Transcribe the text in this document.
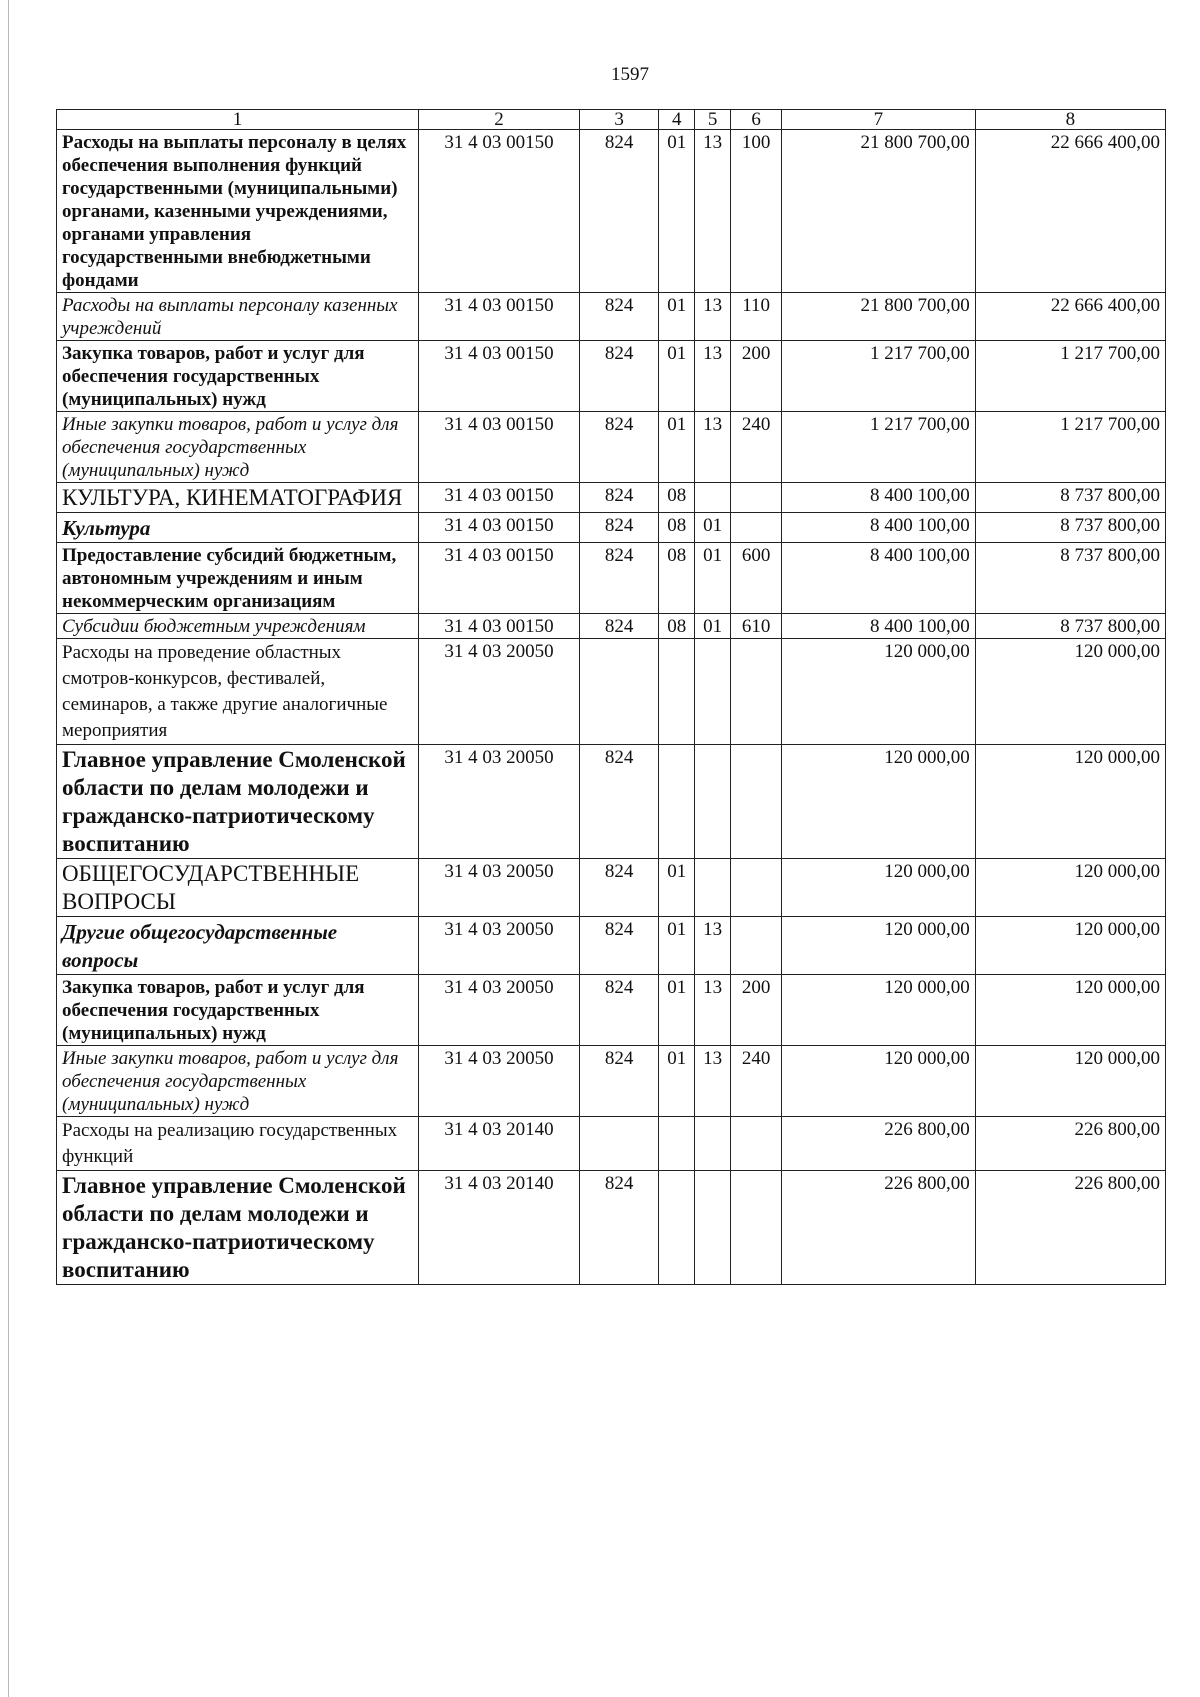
1597
1	2	3	4	5	6	7	8
Расходы на выплаты персоналу в целях обеспечения выполнения функций государственными (муниципальными) органами, казенными учреждениями, органами управления государственными внебюджетными фондами	31 4 03 00150	824	01	13	100	21 800 700,00	22 666 400,00
Расходы на выплаты персоналу казенных учреждений	31 4 03 00150	824	01	13	110	21 800 700,00	22 666 400,00
Закупка товаров, работ и услуг для обеспечения государственных (муниципальных) нужд	31 4 03 00150	824	01	13	200	1 217 700,00	1 217 700,00
Иные закупки товаров, работ и услуг для обеспечения государственных (муниципальных) нужд	31 4 03 00150	824	01	13	240	1 217 700,00	1 217 700,00
КУЛЬТУРА, КИНЕМАТОГРАФИЯ	31 4 03 00150	824	08			8 400 100,00	8 737 800,00
Культура	31 4 03 00150	824	08	01		8 400 100,00	8 737 800,00
Предоставление субсидий бюджетным, автономным учреждениям и иным некоммерческим организациям	31 4 03 00150	824	08	01	600	8 400 100,00	8 737 800,00
Субсидии бюджетным учреждениям	31 4 03 00150	824	08	01	610	8 400 100,00	8 737 800,00
Расходы на проведение областных смотров-конкурсов, фестивалей, семинаров, а также другие аналогичные мероприятия	31 4 03 20050					120 000,00	120 000,00
Главное управление Смоленской области по делам молодежи и гражданско-патриотическому воспитанию	31 4 03 20050	824				120 000,00	120 000,00
ОБЩЕГОСУДАРСТВЕННЫЕ ВОПРОСЫ	31 4 03 20050	824	01			120 000,00	120 000,00
Другие общегосударственные вопросы	31 4 03 20050	824	01	13		120 000,00	120 000,00
Закупка товаров, работ и услуг для обеспечения государственных (муниципальных) нужд	31 4 03 20050	824	01	13	200	120 000,00	120 000,00
Иные закупки товаров, работ и услуг для обеспечения государственных (муниципальных) нужд	31 4 03 20050	824	01	13	240	120 000,00	120 000,00
Расходы на реализацию государственных функций	31 4 03 20140					226 800,00	226 800,00
Главное управление Смоленской области по делам молодежи и гражданско-патриотическому воспитанию	31 4 03 20140	824				226 800,00	226 800,00
